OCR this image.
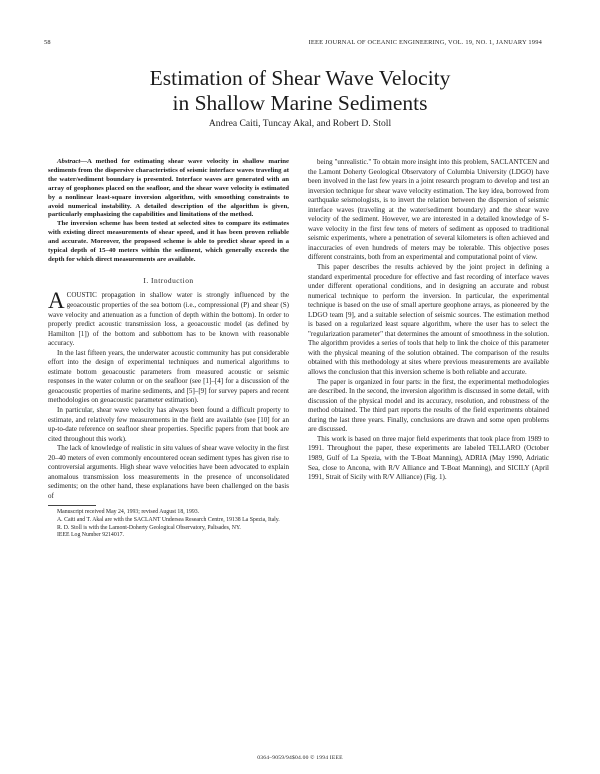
58	IEEE JOURNAL OF OCEANIC ENGINEERING, VOL. 19, NO. 1, JANUARY 1994
Estimation of Shear Wave Velocity
in Shallow Marine Sediments
Andrea Caiti, Tuncay Akal, and Robert D. Stoll

Abstract—A method for estimating shear wave velocity in shallow marine sediments from the dispersive characteristics of seismic interface waves traveling at the water/sediment boundary is presented. Interface waves are generated with an array of geophones placed on the seafloor, and the shear wave velocity is estimated by a nonlinear least-square inversion algorithm, with smoothing constraints to avoid numerical instability. A detailed description of the algorithm is given, particularly emphasizing the capabilities and limitations of the method.

The inversion scheme has been tested at selected sites to compare its estimates with existing direct measurements of shear speed, and it has been proven reliable and accurate. Moreover, the proposed scheme is able to predict shear speed in a typical depth of 15–40 meters within the sediment, which generally exceeds the depth for which direct measurements are available.

I. Introduction

ACOUSTIC propagation in shallow water is strongly influenced by the geoacoustic properties of the sea bottom (i.e., compressional (P) and shear (S) wave velocity and attenuation as a function of depth within the bottom). In order to properly predict acoustic transmission loss, a geoacoustic model (as defined by Hamilton [1]) of the bottom and subbottom has to be known with reasonable accuracy.

In the last fifteen years, the underwater acoustic community has put considerable effort into the design of experimental techniques and numerical algorithms to estimate bottom geoacoustic parameters from measured acoustic or seismic responses in the water column or on the seafloor (see [1]–[4] for a discussion of the geoacoustic properties of marine sediments, and [5]–[9] for survey papers and recent methodologies on geoacoustic parameter estimation).

In particular, shear wave velocity has always been found a difficult property to estimate, and relatively few measurements in the field are available (see [10] for an up-to-date reference on seafloor shear properties. Specific papers from that book are cited throughout this work).

The lack of knowledge of realistic in situ values of shear wave velocity in the first 20–40 meters of even commonly encountered ocean sediment types has given rise to controversial arguments. High shear wave velocities have been advocated to explain anomalous transmission loss measurements in the presence of unconsolidated sediments; on the other hand, these explanations have been challenged on the basis of

Manuscript received May 24, 1993; revised August 18, 1993.

A. Caiti and T. Akal are with the SACLANT Undersea Research Centre, 19138 La Spezia, Italy.

R. D. Stoll is with the Lamont-Doherty Geological Observatory, Palisades, NY.

IEEE Log Number 9214017.

being "unrealistic." To obtain more insight into this problem, SACLANTCEN and the Lamont Doherty Geological Observatory of Columbia University (LDGO) have been involved in the last few years in a joint research program to develop and test an inversion technique for shear wave velocity estimation. The key idea, borrowed from earthquake seismologists, is to invert the relation between the dispersion of seismic interface waves (traveling at the water/sediment boundary) and the shear wave velocity of the sediment. However, we are interested in a detailed knowledge of S-wave velocity in the first few tens of meters of sediment as opposed to traditional seismic experiments, where a penetration of several kilometers is often achieved and inaccuracies of even hundreds of meters may be tolerable. This objective poses different constraints, both from an experimental and computational point of view.

This paper describes the results achieved by the joint project in defining a standard experimental procedure for effective and fast recording of interface waves under different operational conditions, and in designing an accurate and robust numerical technique to perform the inversion. In particular, the experimental technique is based on the use of small aperture geophone arrays, as pioneered by the LDGO team [9], and a suitable selection of seismic sources. The estimation method is based on a regularized least square algorithm, where the user has to select the "regularization parameter" that determines the amount of smoothness in the solution. The algorithm provides a series of tools that help to link the choice of this parameter with the physical meaning of the solution obtained. The comparison of the results obtained with this methodology at sites where previous measurements are available allows the conclusion that this inversion scheme is both reliable and accurate.

The paper is organized in four parts: in the first, the experimental methodologies are described. In the second, the inversion algorithm is discussed in some detail, with discussion of the physical model and its accuracy, resolution, and robustness of the method obtained. The third part reports the results of the field experiments obtained during the last three years. Finally, conclusions are drawn and some open problems are discussed.

This work is based on three major field experiments that took place from 1989 to 1991. Throughout the paper, these experiments are labeled TELLARO (October 1989, Gulf of La Spezia, with the T-Boat Manning), ADRIA (May 1990, Adriatic Sea, close to Ancona, with R/V Alliance and T-Boat Manning), and SICILY (April 1991, Strait of Sicily with R/V Alliance) (Fig. 1).

0364–9059/94$04.00 © 1994 IEEE
